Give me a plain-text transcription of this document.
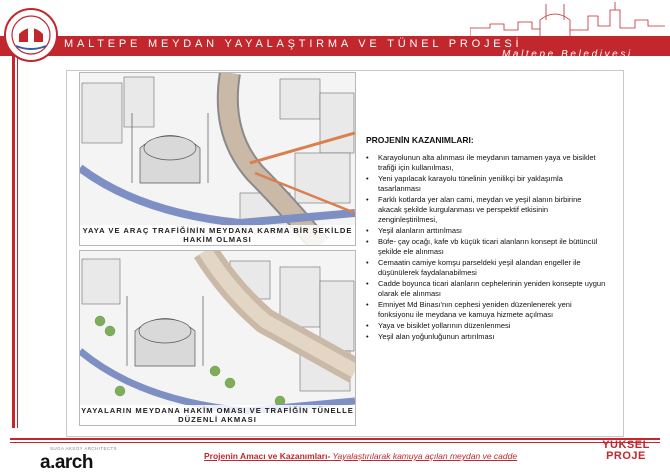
MALTEPE MEYDAN YAYALAŞTIRMA VE TÜNEL PROJESİ
Maltepe Belediyesi
YAYA VE ARAÇ TRAFİĞİNİN MEYDANA KARMA BİR ŞEKİLDE HAKİM OLMASI
YAYALARIN MEYDANA HAKİM OMASI VE TRAFİĞİN TÜNELLE DÜZENLİ AKMASI
PROJENİN KAZANIMLARI:
• Karayolunun alta alınması ile meydanın tamamen yaya ve bisiklet trafiği için kullanılması,
• Yeni yapılacak karayolu tünelinin yenilikçi bir yaklaşımla tasarlanması
• Farklı kotlarda yer alan cami, meydan ve yeşil alanın birbirine akacak şekilde kurgulanması ve perspektif etkisinin zenginleştirilmesi,
• Yeşil alanların arttırılması
• Büfe- çay ocağı, kafe vb küçük ticari alanların konsept ile bütüncül şekilde ele alınması
• Cemaatin camiye komşu parseldeki yeşil alandan engeller ile düşünülerek faydalanabilmesi
• Cadde boyunca ticari alanların cephelerinin yeniden konsepte uygun olarak ele alınması
• Emniyet Md Binası'nın cephesi yeniden düzenlenerek yeni fonksiyonu ile meydana ve kamuya hizmete açılması
• Yaya ve bisiklet yollarının düzenlenmesi
• Yeşil alan yoğunluğunun artırılması
SUGA AKSOY ARCHITECTS
a.arch	Projenin Amacı ve Kazanımları- Yayalaştırılarak kamuya açılan meydan ve cadde
YÜKSEL
PROJE
